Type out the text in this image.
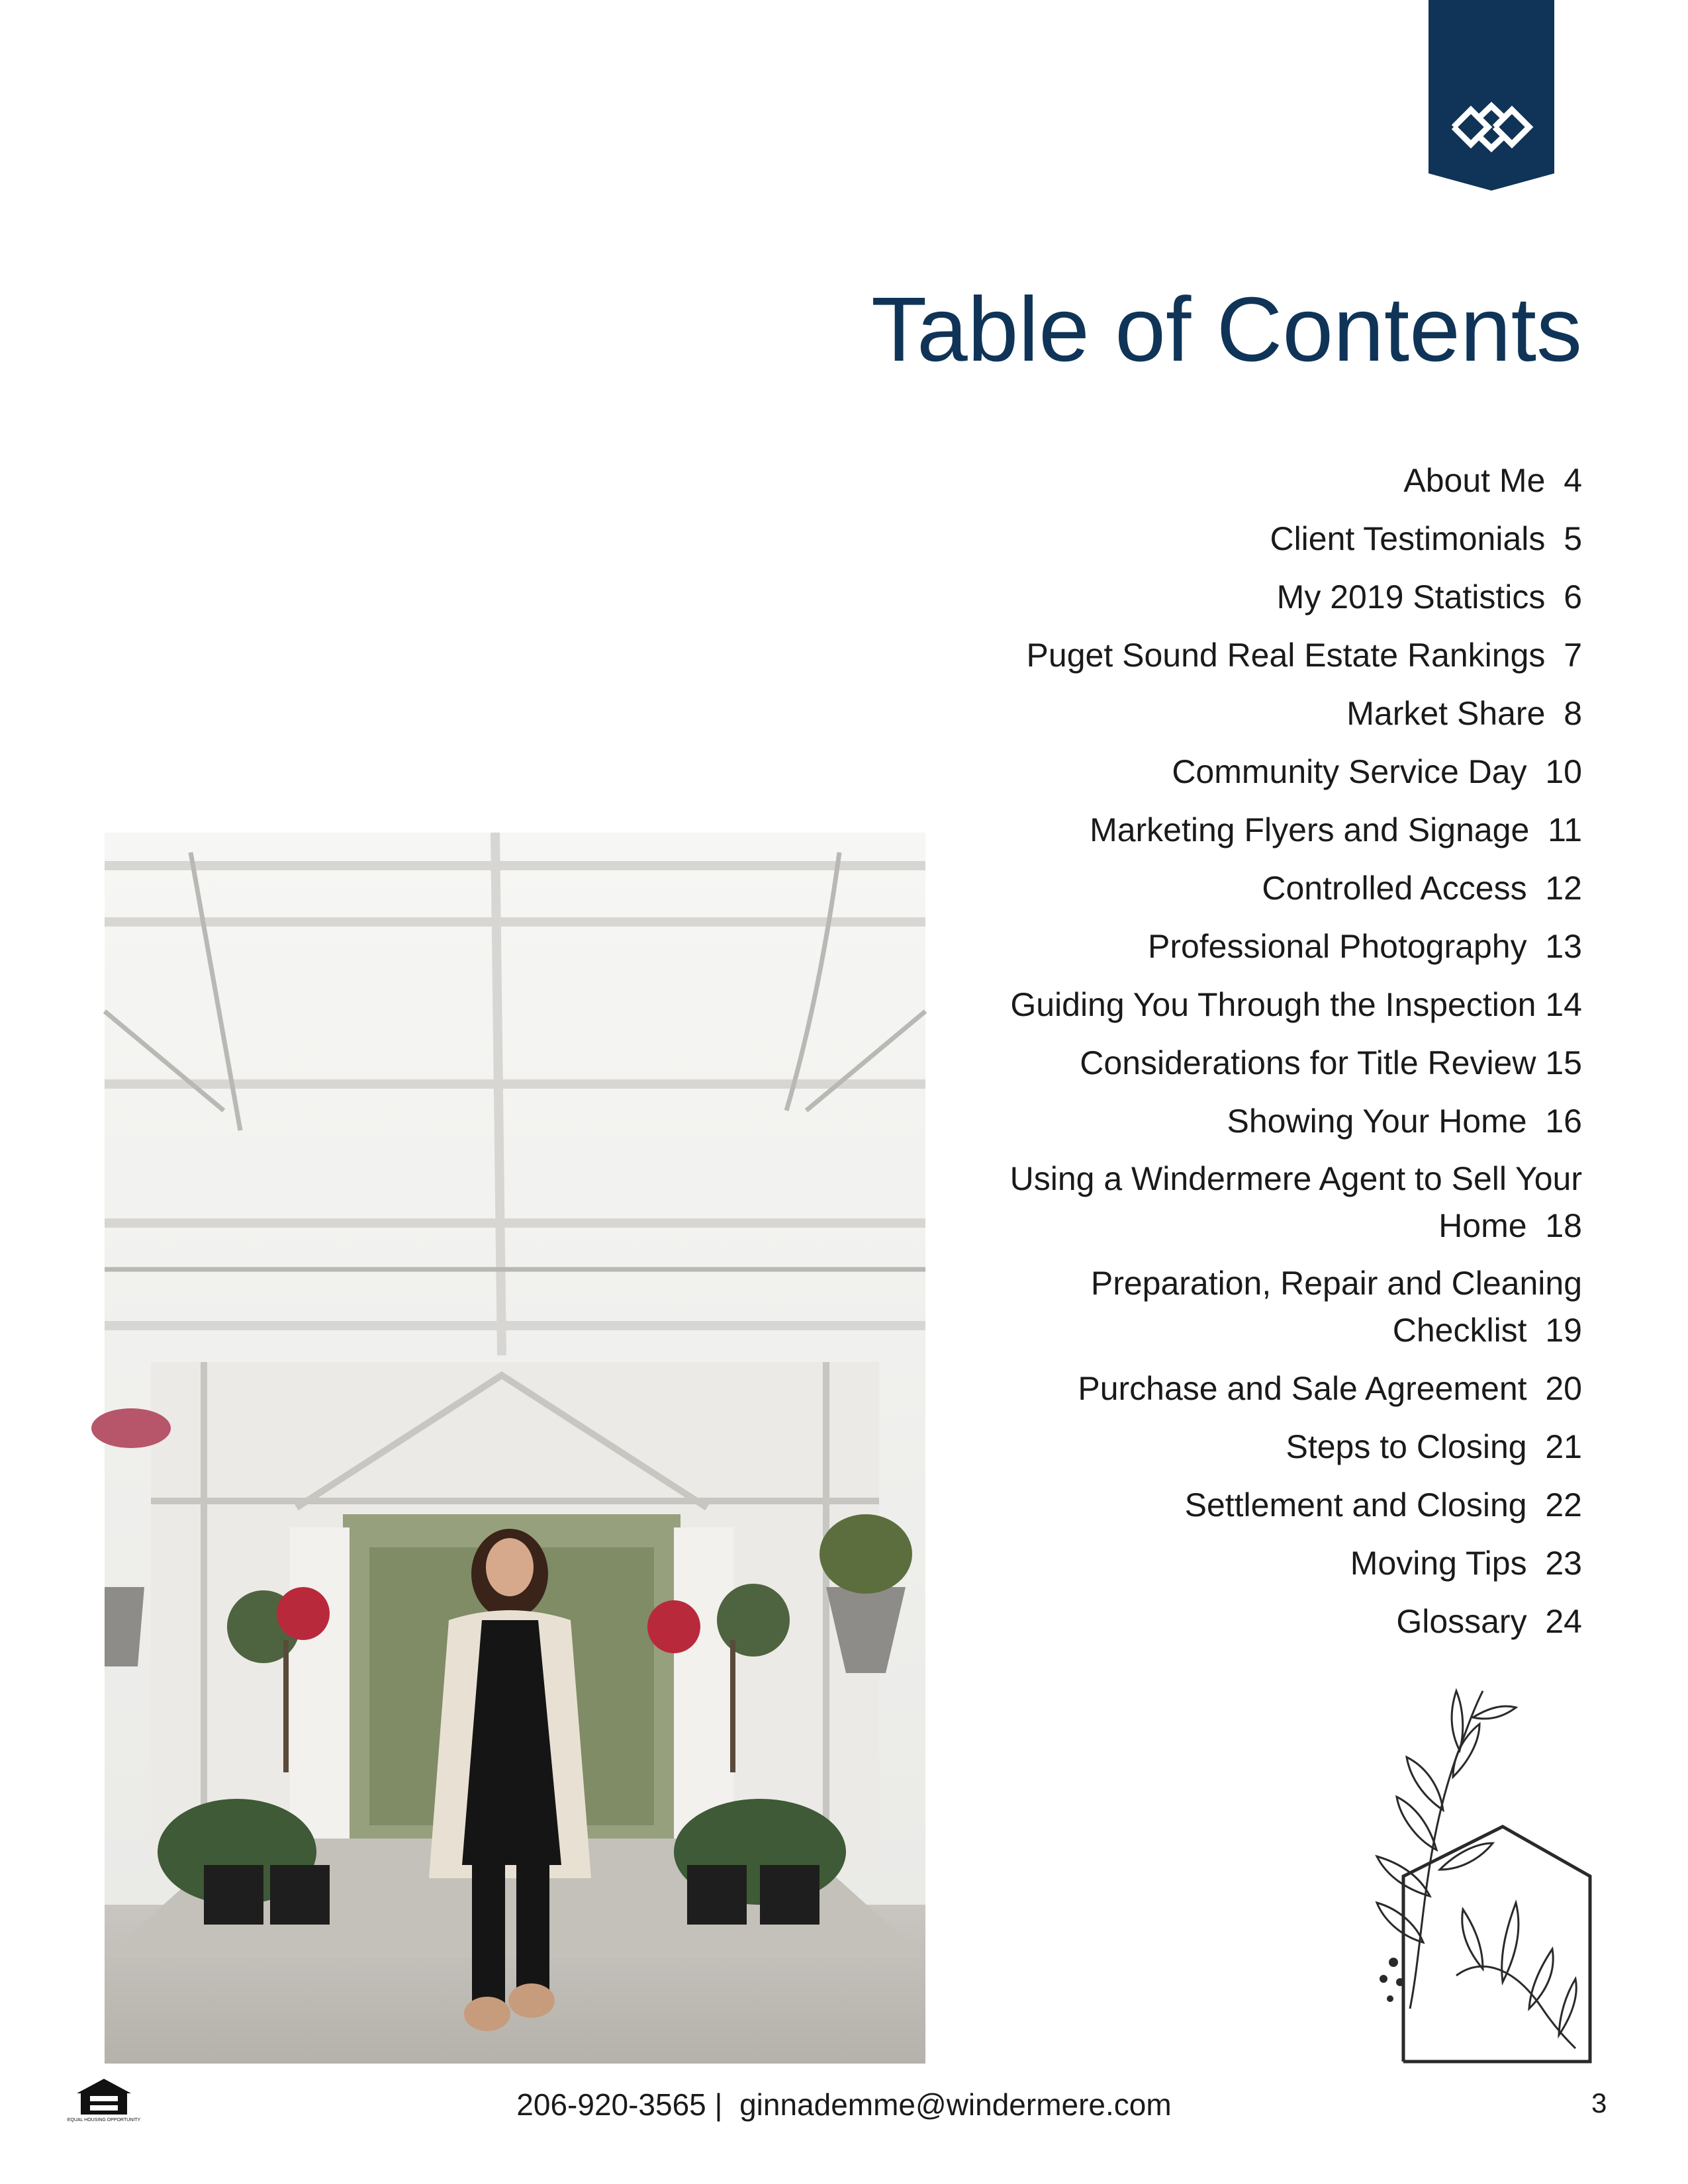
Table of Contents
About Me 4
Client Testimonials 5
My 2019 Statistics 6
Puget Sound Real Estate Rankings 7
Market Share 8
Community Service Day 10
Marketing Flyers and Signage 11
Controlled Access 12
Professional Photography 13
Guiding You Through the Inspection 14
Considerations for Title Review 15
Showing Your Home 16
Using a Windermere Agent to Sell Your Home 18
Preparation, Repair and Cleaning Checklist 19
Purchase and Sale Agreement 20
Steps to Closing 21
Settlement and Closing 22
Moving Tips 23
Glossary 24
EQUAL HOUSING OPPORTUNITY	206-920-3565 | ginnademme@windermere.com	3
